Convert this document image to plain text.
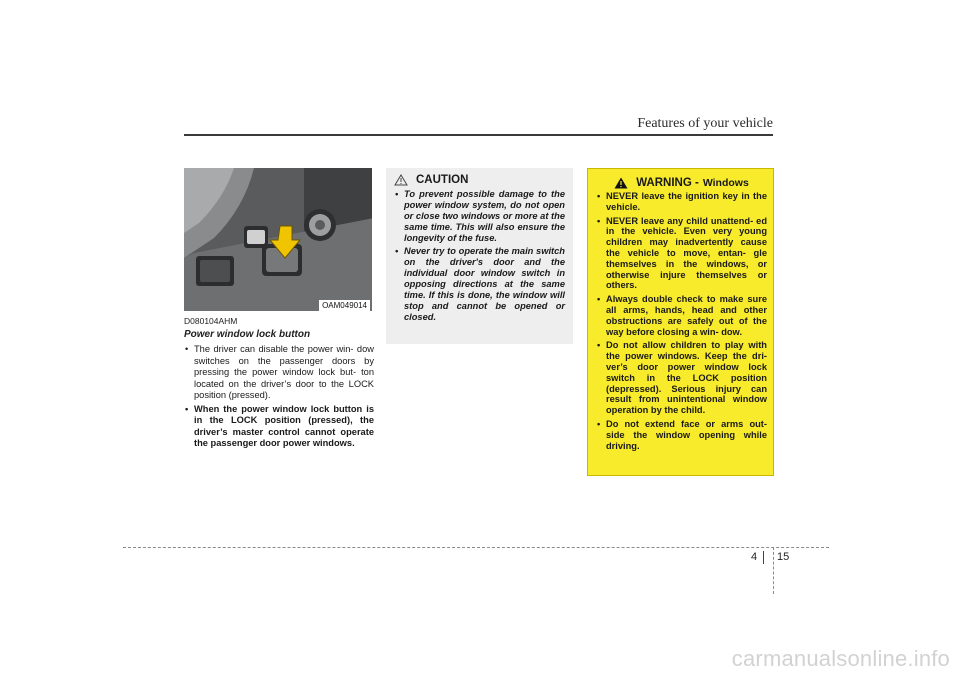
Features of your vehicle
OAM049014

D080104AHM

Power window lock button

• The driver can disable the power win- dow switches on the passenger doors by pressing the power window lock but- ton located on the driver’s door to the LOCK position (pressed).
• When the power window lock button is in the LOCK position (pressed), the driver’s master control cannot operate the passenger door power windows.
CAUTION
• To prevent possible damage to the power window system, do not open or close two windows or more at the same time. This will also ensure the longevity of the fuse.
• Never try to operate the main switch on the driver's door and the individual door window switch in opposing directions at the same time. If this is done, the window will stop and cannot be opened or closed.
WARNING - Windows
• NEVER leave the ignition key in the vehicle.
• NEVER leave any child unattend- ed in the vehicle. Even very young children may inadvertently cause the vehicle to move, entan- gle themselves in the windows, or otherwise injure themselves or others.
• Always double check to make sure all arms, hands, head and other obstructions are safely out of the way before closing a win- dow.
• Do not allow children to play with the power windows. Keep the dri- ver’s door power window lock switch in the LOCK position (depressed). Serious injury can result from unintentional window operation by the child.
• Do not extend face or arms out- side the window opening while driving.
4 15
carmanualsonline.info
